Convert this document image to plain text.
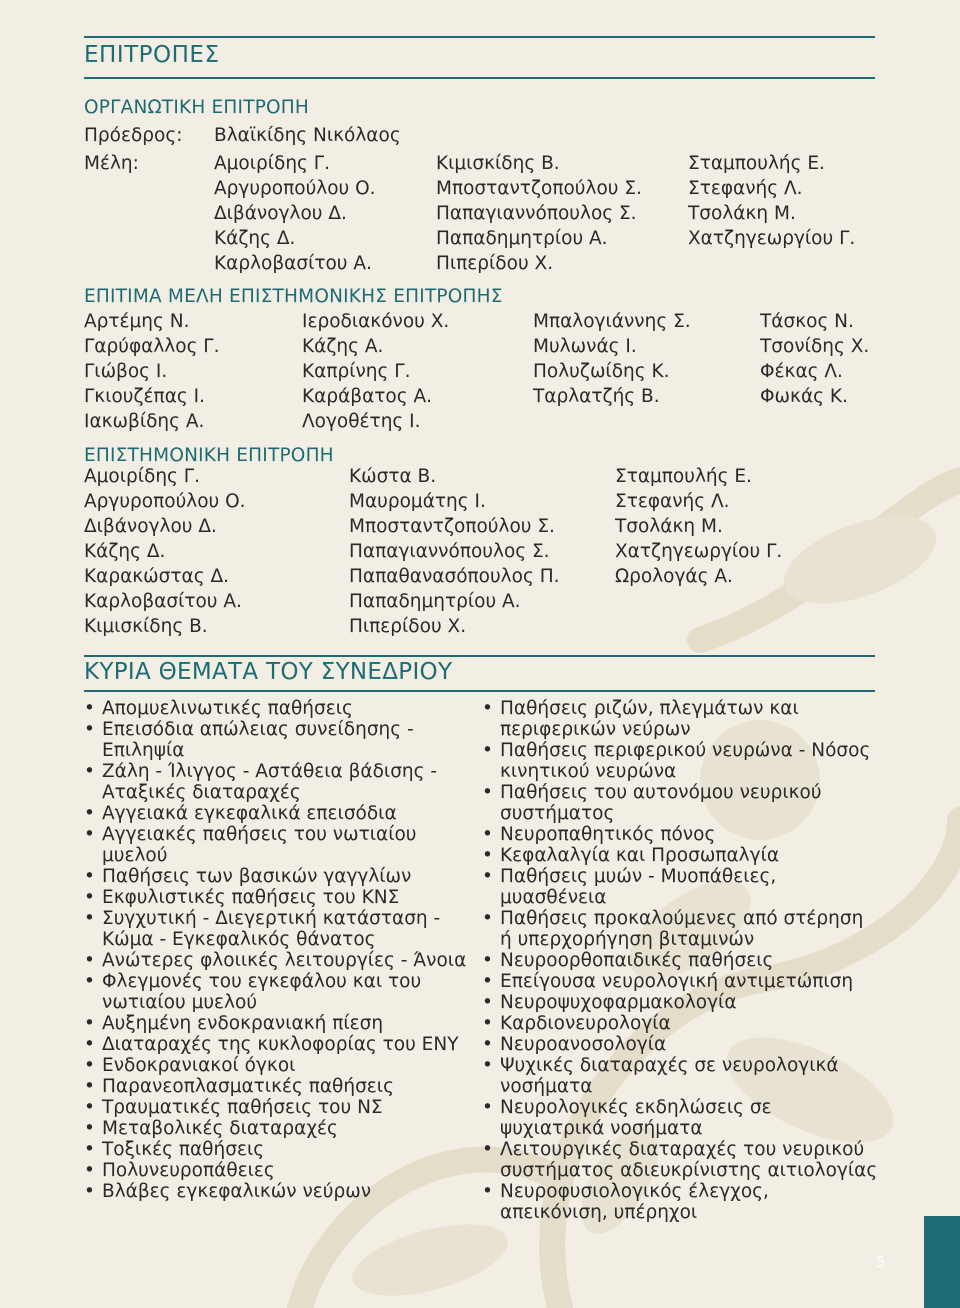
ΕΠΙΤΡΟΠΕΣ
ΟΡΓΑΝΩΤΙΚΗ ΕΠΙΤΡΟΠΗ
Πρόεδρος: Βλαϊκίδης Νικόλαος
Μέλη:	Αμοιρίδης Γ.
Αργυροπούλου Ο.
Διβάνογλου Δ.
Κάζης Δ.
Καρλοβασίτου Α.
Κιμισκίδης Β.
Μποσταντζοπούλου Σ.
Παπαγιαννόπουλος Σ.
Παπαδημητρίου Α.
Πιπερίδου Χ.
Σταμπουλής Ε.
Στεφανής Λ.
Τσολάκη Μ.
Χατζηγεωργίου Γ.
ΕΠΙΤΙΜΑ ΜΕΛΗ ΕΠΙΣΤΗΜΟΝΙΚΗΣ ΕΠΙΤΡΟΠΗΣ
Αρτέμης Ν.
Γαρύφαλλος Γ.
Γιώβος Ι.
Γκιουζέπας Ι.
Ιακωβίδης Α.
Ιεροδιακόνου Χ.
Κάζης Α.
Καπρίνης Γ.
Καράβατος Α.
Λογοθέτης Ι.
Μπαλογιάννης Σ.
Μυλωνάς Ι.
Πολυζωίδης Κ.
Ταρλατζής Β.
Τάσκος Ν.
Τσονίδης Χ.
Φέκας Λ.
Φωκάς Κ.
ΕΠΙΣΤΗΜΟΝΙΚΗ ΕΠΙΤΡΟΠΗ
Αμοιρίδης Γ.
Αργυροπούλου Ο.
Διβάνογλου Δ.
Κάζης Δ.
Καρακώστας Δ.
Καρλοβασίτου Α.
Κιμισκίδης Β.
Κώστα Β.
Μαυρομάτης Ι.
Μποσταντζοπούλου Σ.
Παπαγιαννόπουλος Σ.
Παπαθανασόπουλος Π.
Παπαδημητρίου Α.
Πιπερίδου Χ.
Σταμπουλής Ε.
Στεφανής Λ.
Τσολάκη Μ.
Χατζηγεωργίου Γ.
Ωρολογάς Α.
ΚΥΡΙΑ ΘΕΜΑΤΑ ΤΟΥ ΣΥΝΕΔΡΙΟΥ
• Απομυελινωτικές παθήσεις
• Επεισόδια απώλειας συνείδησης -
Επιληψία
• Ζάλη - Ίλιγγος - Αστάθεια βάδισης -
Αταξικές διαταραχές
• Αγγειακά εγκεφαλικά επεισόδια
• Αγγειακές παθήσεις του νωτιαίου
μυελού
• Παθήσεις των βασικών γαγγλίων
• Εκφυλιστικές παθήσεις του ΚΝΣ
• Συγχυτική - Διεγερτική κατάσταση -
Κώμα - Εγκεφαλικός θάνατος
• Ανώτερες φλοιικές λειτουργίες - Άνοια
• Φλεγμονές του εγκεφάλου και του
νωτιαίου μυελού
• Αυξημένη ενδοκρανιακή πίεση
• Διαταραχές της κυκλοφορίας του ΕΝΥ
• Ενδοκρανιακοί όγκοι
• Παρανεοπλασματικές παθήσεις
• Τραυματικές παθήσεις του ΝΣ
• Μεταβολικές διαταραχές
• Τοξικές παθήσεις
• Πολυνευροπάθειες
• Βλάβες εγκεφαλικών νεύρων
• Παθήσεις ριζών, πλεγμάτων και
περιφερικών νεύρων
• Παθήσεις περιφερικού νευρώνα - Νόσος
κινητικού νευρώνα
• Παθήσεις του αυτονόμου νευρικού
συστήματος
• Νευροπαθητικός πόνος
• Κεφαλαλγία και Προσωπαλγία
• Παθήσεις μυών - Μυοπάθειες,
μυασθένεια
• Παθήσεις προκαλούμενες από στέρηση
ή υπερχορήγηση βιταμινών
• Νευροορθοπαιδικές παθήσεις
• Επείγουσα νευρολογική αντιμετώπιση
• Νευροψυχοφαρμακολογία
• Καρδιονευρολογία
• Νευροανοσολογία
• Ψυχικές διαταραχές σε νευρολογικά
νοσήματα
• Νευρολογικές εκδηλώσεις σε
ψυχιατρικά νοσήματα
• Λειτουργικές διαταραχές του νευρικού
συστήματος αδιευκρίνιστης αιτιολογίας
• Νευροφυσιολογικός έλεγχος,
απεικόνιση, υπέρηχοι
5
